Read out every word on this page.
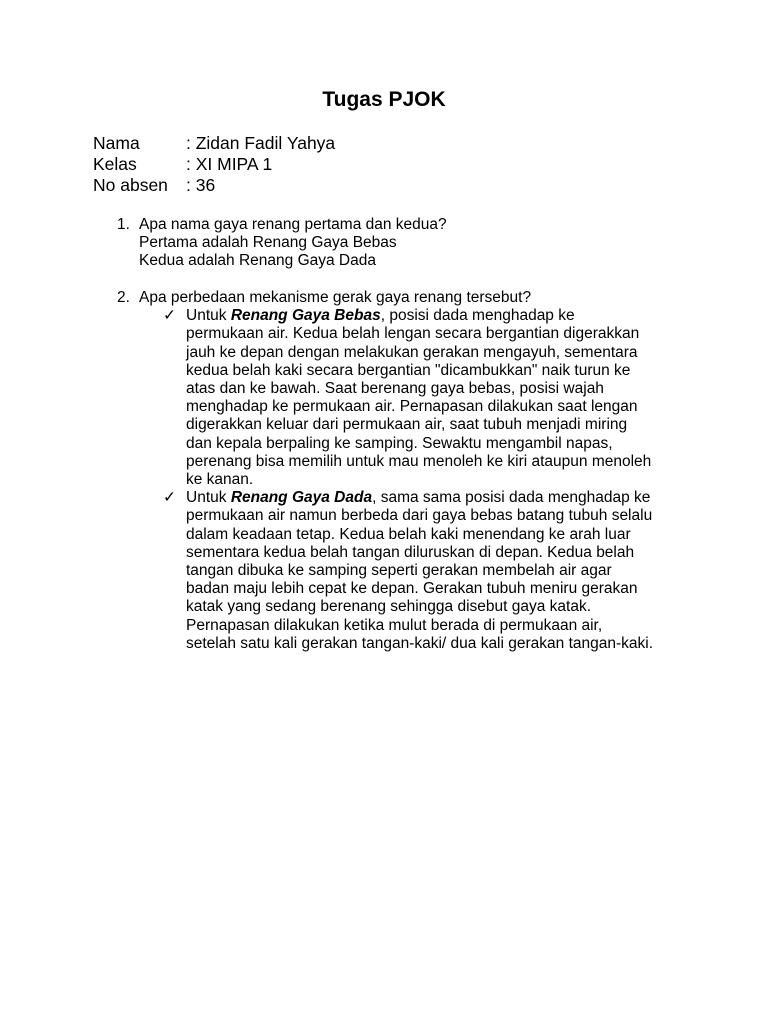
Tugas PJOK
Nama	: Zidan Fadil Yahya
Kelas	: XI MIPA 1
No absen	: 36
1. Apa nama gaya renang pertama dan kedua?
Pertama adalah Renang Gaya Bebas
Kedua adalah Renang Gaya Dada
2. Apa perbedaan mekanisme gerak gaya renang tersebut?
✓ Untuk Renang Gaya Bebas, posisi dada menghadap ke permukaan air. Kedua belah lengan secara bergantian digerakkan jauh ke depan dengan melakukan gerakan mengayuh, sementara kedua belah kaki secara bergantian "dicambukkan" naik turun ke atas dan ke bawah. Saat berenang gaya bebas, posisi wajah menghadap ke permukaan air. Pernapasan dilakukan saat lengan digerakkan keluar dari permukaan air, saat tubuh menjadi miring dan kepala berpaling ke samping. Sewaktu mengambil napas, perenang bisa memilih untuk mau menoleh ke kiri ataupun menoleh ke kanan.
✓ Untuk Renang Gaya Dada, sama sama posisi dada menghadap ke permukaan air namun berbeda dari gaya bebas batang tubuh selalu dalam keadaan tetap. Kedua belah kaki menendang ke arah luar sementara kedua belah tangan diluruskan di depan. Kedua belah tangan dibuka ke samping seperti gerakan membelah air agar badan maju lebih cepat ke depan. Gerakan tubuh meniru gerakan katak yang sedang berenang sehingga disebut gaya katak. Pernapasan dilakukan ketika mulut berada di permukaan air, setelah satu kali gerakan tangan-kaki/ dua kali gerakan tangan-kaki.
